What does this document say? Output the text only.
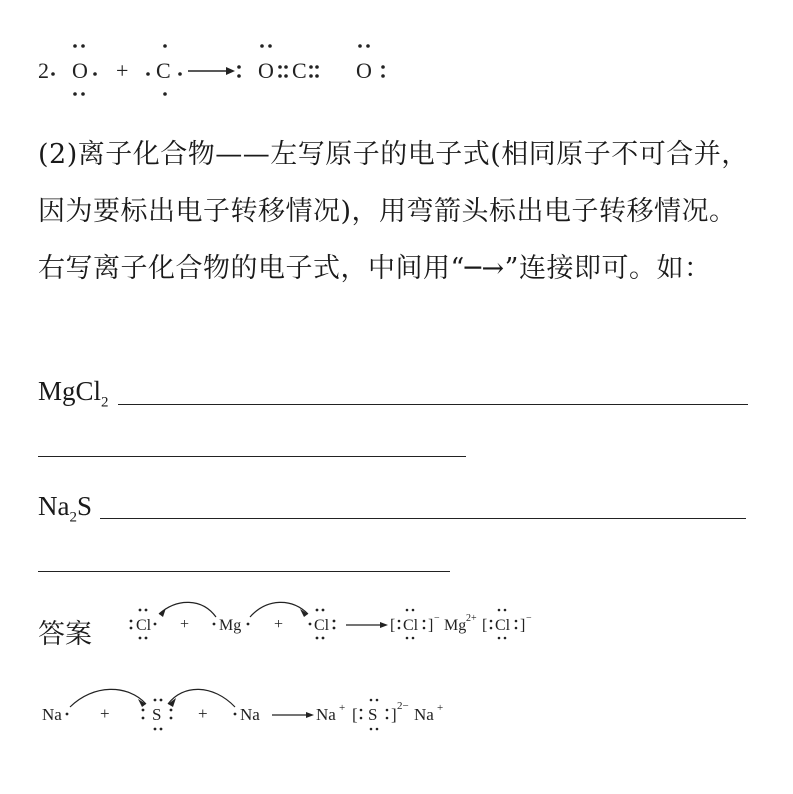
2 O + C	O C O
(2)离子化合物——左写原子的电子式(相同原子不可合并，因为要标出电子转移情况)，用弯箭头标出电子转移情况。右写离子化合物的电子式，中间用“─→”连接即可。如：
MgCl$_2$
$Na_2S$
答案	Cl + Mg + Cl	[ Cl ] − Mg 2+ [ Cl ] −
Na + S + Na	Na + [ S ] 2− Na +
